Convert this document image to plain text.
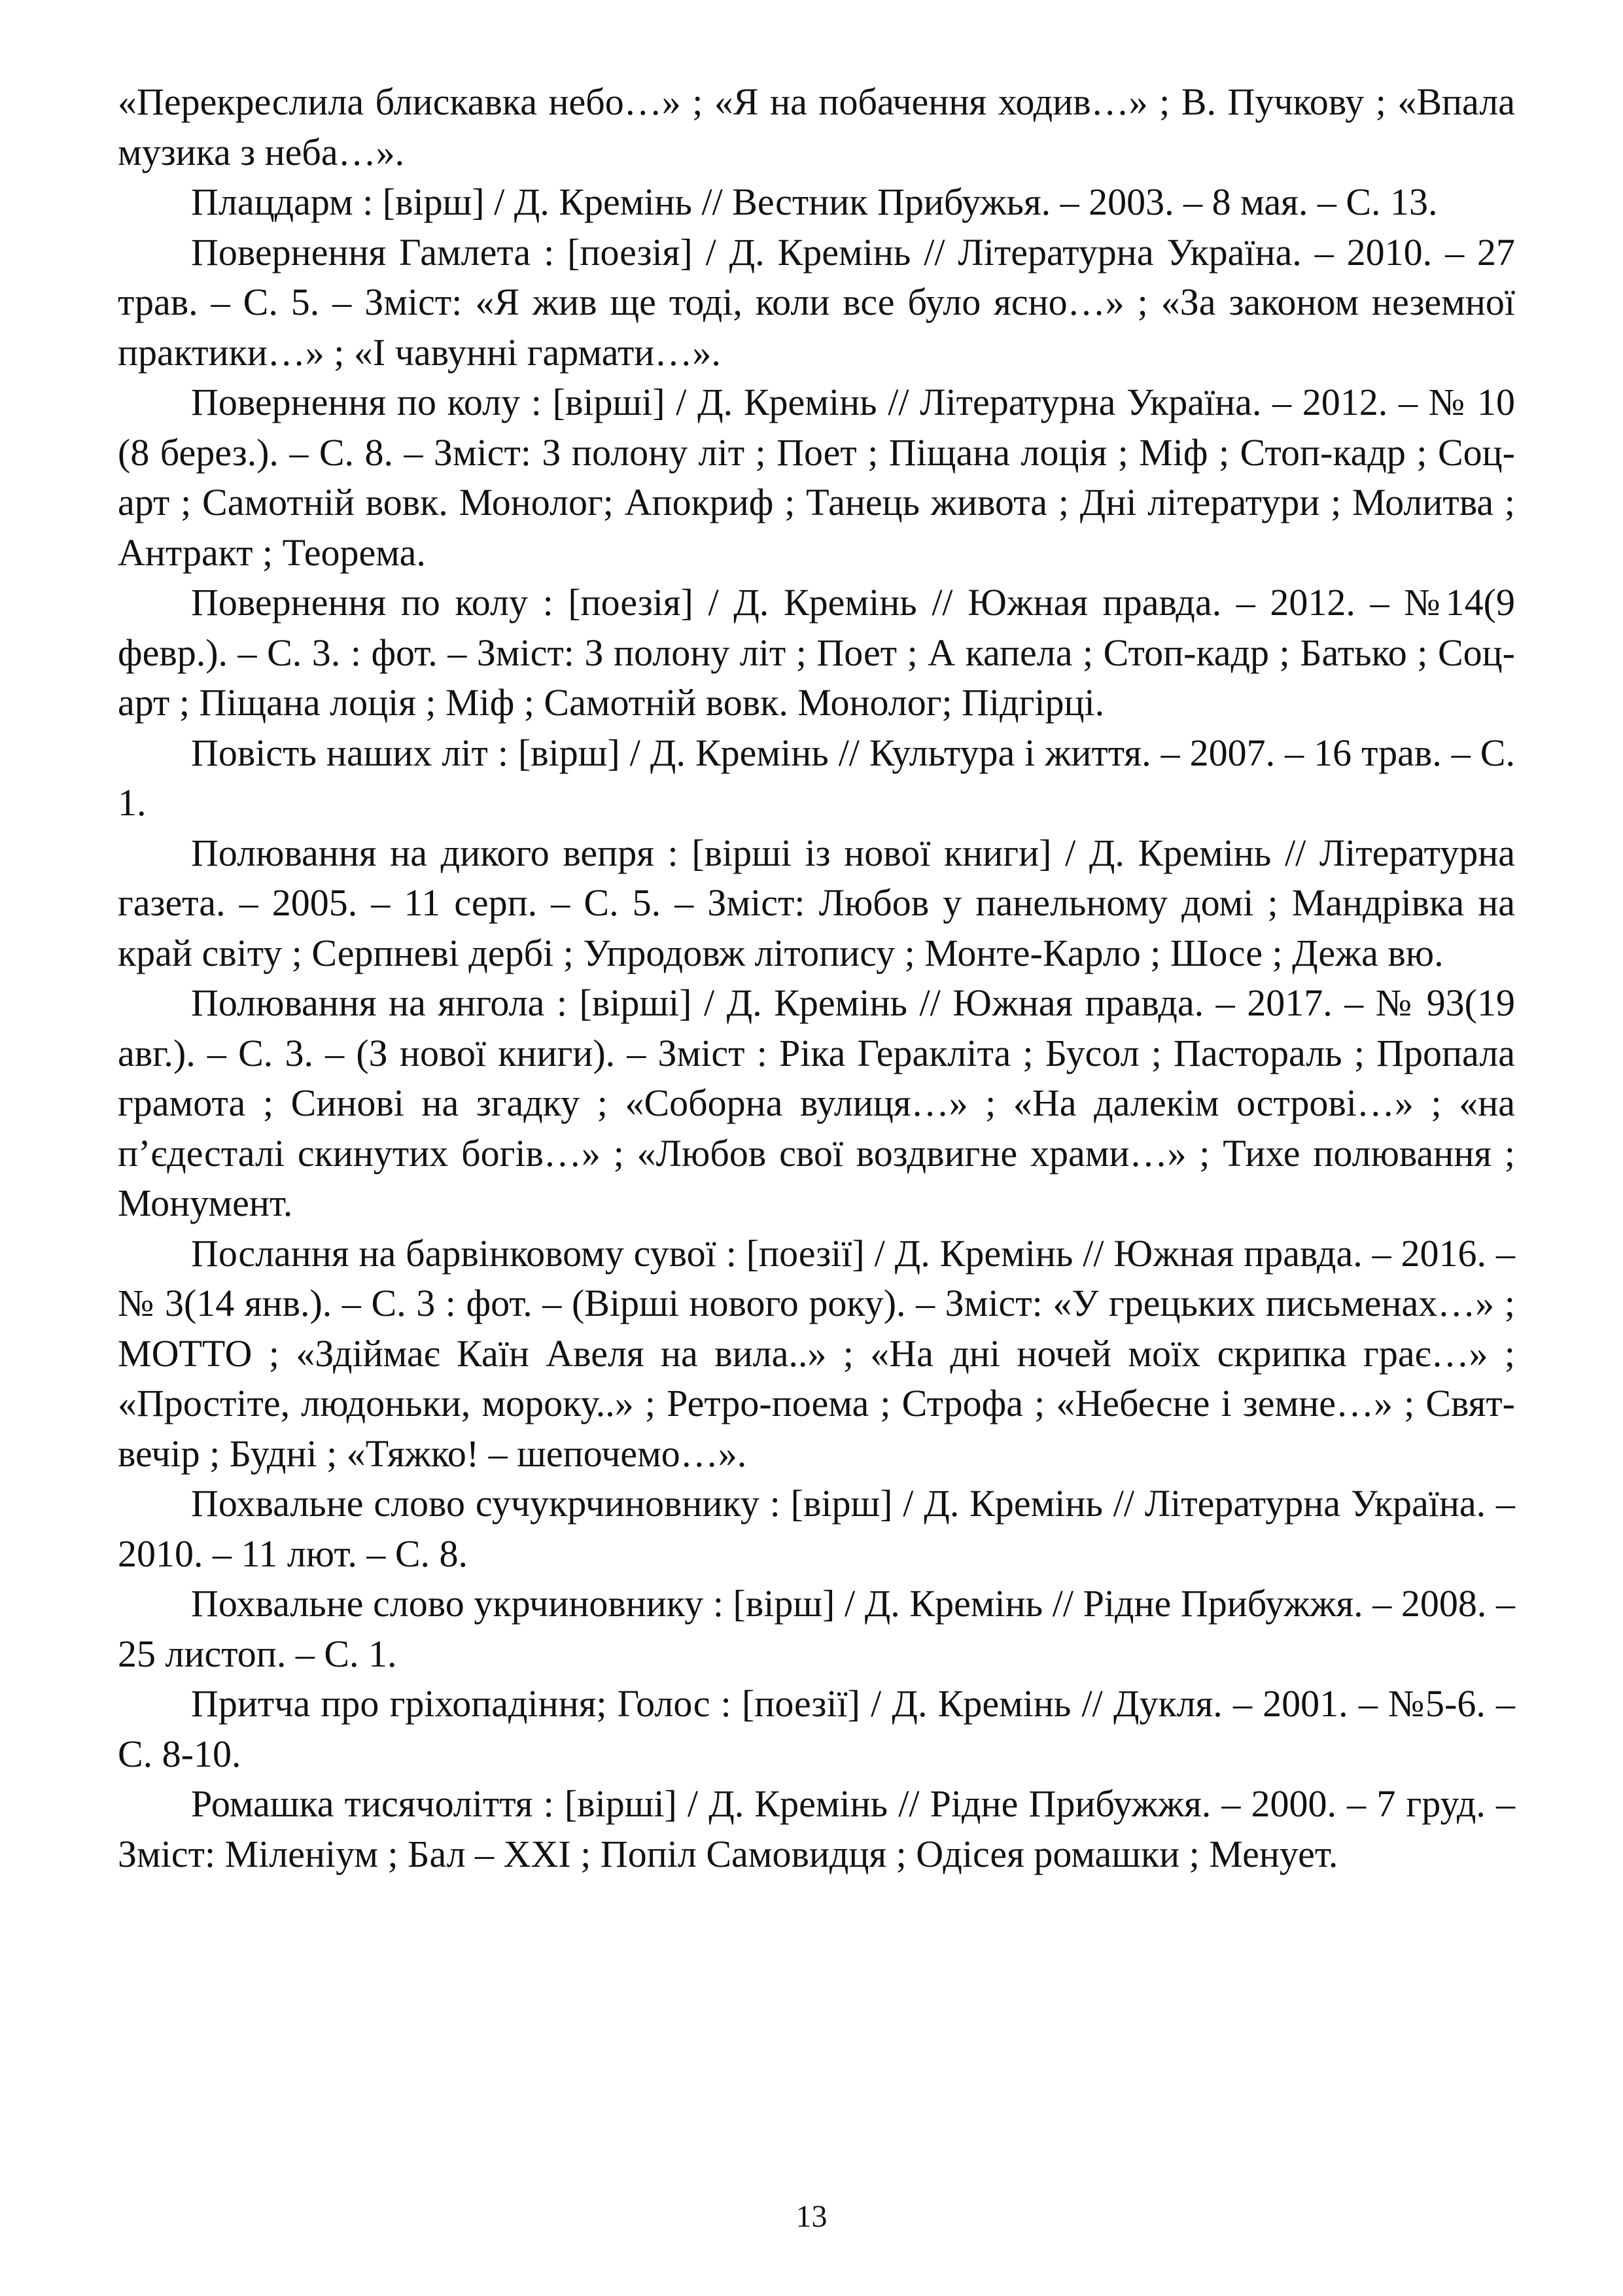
«Перекреслила блискавка небо…» ; «Я на побачення ходив…» ; В. Пучкову ; «Впала музика з неба…».

Плацдарм : [вірш] / Д. Кремінь // Вестник Прибужья. – 2003. – 8 мая. – С. 13.

Повернення Гамлета : [поезія] / Д. Кремінь // Літературна Україна. – 2010. – 27 трав. – С. 5. – Зміст: «Я жив ще тоді, коли все було ясно…» ; «За законом неземної практики…» ; «І чавунні гармати…».

Повернення по колу : [вірші] / Д. Кремінь // Літературна Україна. – 2012. – № 10 (8 берез.). – С. 8. – Зміст: З полону літ ; Поет ; Піщана лоція ; Міф ; Стоп-кадр ; Соц-арт ; Самотній вовк. Монолог; Апокриф ; Танець живота ; Дні літератури ; Молитва ; Антракт ; Теорема.

Повернення по колу : [поезія] / Д. Кремінь // Южная правда. – 2012. – №14(9 февр.). – С. 3. : фот. – Зміст: З полону літ ; Поет ; А капела ; Стоп-кадр ; Батько ; Соц-арт ; Піщана лоція ; Міф ; Самотній вовк. Монолог; Підгірці.

Повість наших літ : [вірш] / Д. Кремінь // Культура і життя. – 2007. – 16 трав. – С. 1.

Полювання на дикого вепря : [вірші із нової книги] / Д. Кремінь // Літературна газета. – 2005. – 11 серп. – С. 5. – Зміст: Любов у панельному домі ; Мандрівка на край світу ; Серпневі дербі ; Упродовж літопису ; Монте-Карло ; Шосе ; Дежа вю.

Полювання на янгола : [вірші] / Д. Кремінь // Южная правда. – 2017. – № 93(19 авг.). – С. 3. – (З нової книги). – Зміст : Ріка Геракліта ; Бусол ; Пастораль ; Пропала грамота ; Синові на згадку ; «Соборна вулиця…» ; «На далекім острові…» ; «на п’єдесталі скинутих богів…» ; «Любов свої воздвигне храми…» ; Тихе полювання ; Монумент.

Послання на барвінковому сувої : [поезії] / Д. Кремінь // Южная правда. – 2016. – № 3(14 янв.). – С. 3 : фот. – (Вірші нового року). – Зміст: «У грецьких письменах…» ; МОТТО ; «Здіймає Каїн Авеля на вила..» ; «На дні ночей моїх скрипка грає…» ; «Простіте, людоньки, мороку..» ; Ретро-поема ; Строфа ; «Небесне і земне…» ; Свят-вечір ; Будні ; «Тяжко! – шепочемо…».

Похвальне слово сучукрчиновнику : [вірш] / Д. Кремінь // Літературна Україна. – 2010. – 11 лют. – С. 8.

Похвальне слово укрчиновнику : [вірш] / Д. Кремінь // Рідне Прибужжя. – 2008. – 25 листоп. – С. 1.

Притча про гріхопадіння; Голос : [поезії] / Д. Кремінь // Дукля. – 2001. – №5-6. – С. 8-10.

Ромашка тисячоліття : [вірші] / Д. Кремінь // Рідне Прибужжя. – 2000. – 7 груд. – Зміст: Міленіум ; Бал – XXI ; Попіл Самовидця ; Одісея ромашки ; Менует.

13
